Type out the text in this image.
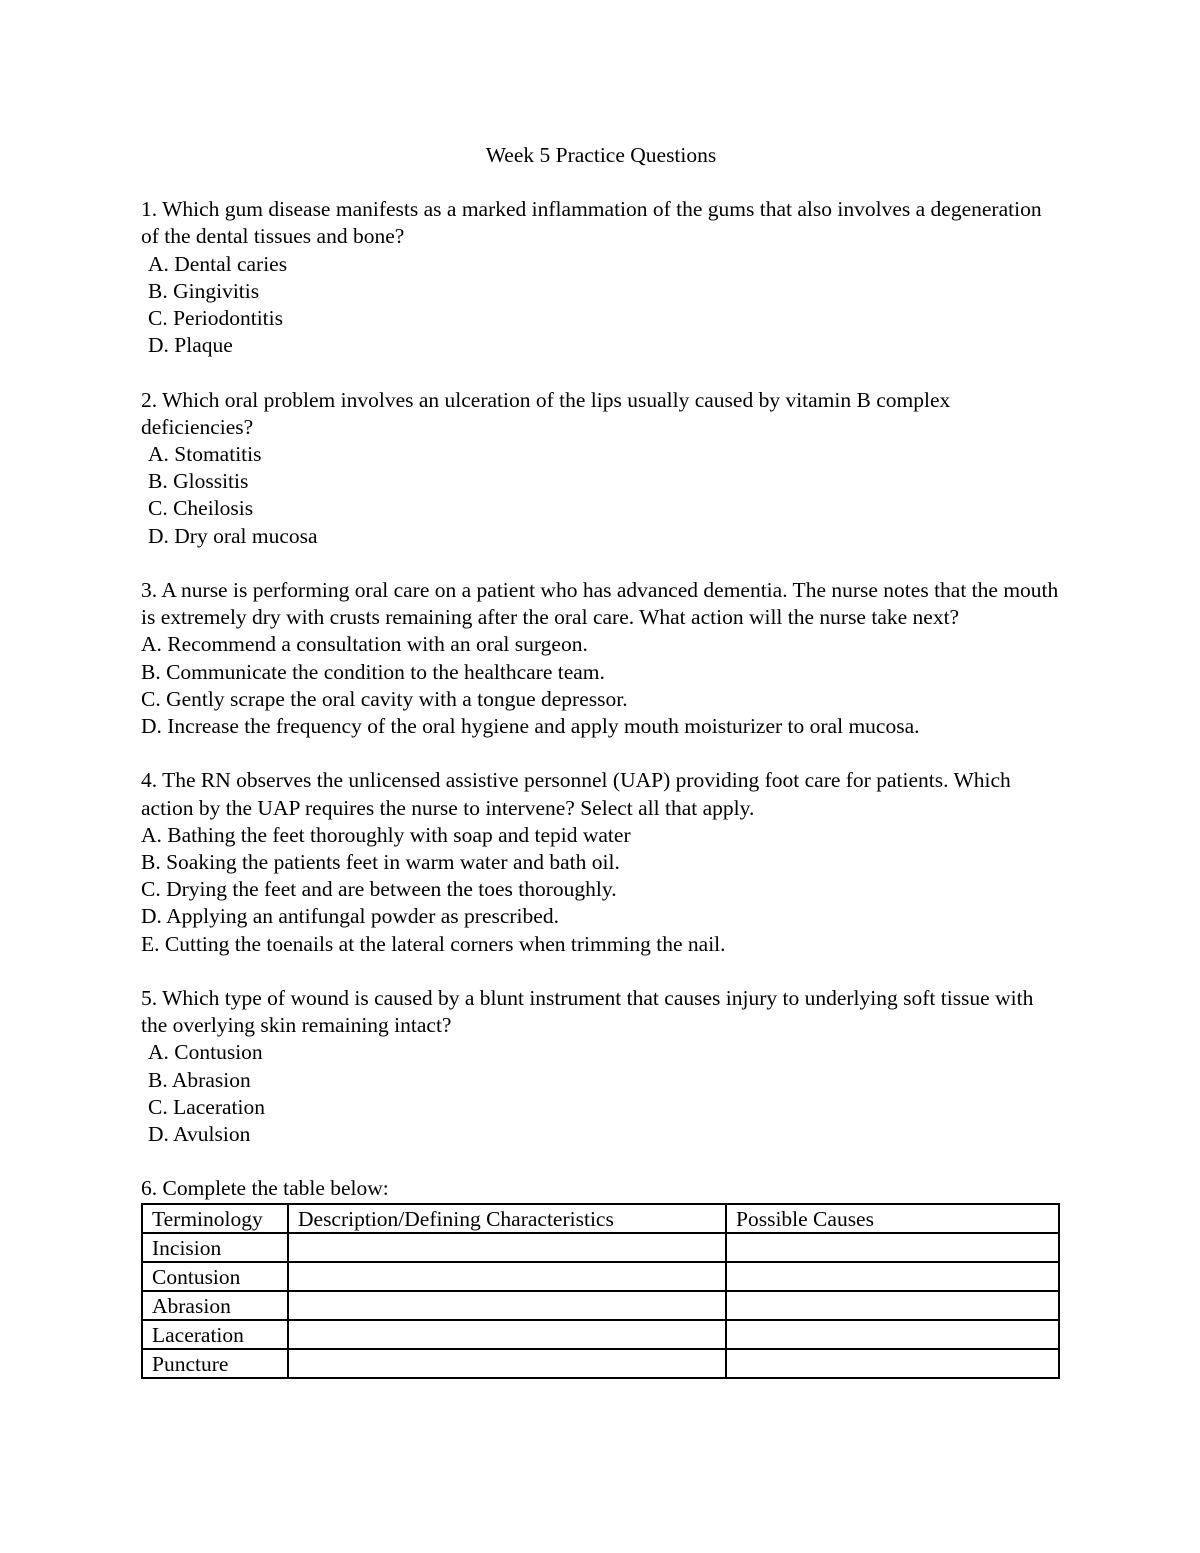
Week 5 Practice Questions

1. Which gum disease manifests as a marked inflammation of the gums that also involves a degeneration of the dental tissues and bone?

A. Dental caries
B. Gingivitis
C. Periodontitis
D. Plaque

2. Which oral problem involves an ulceration of the lips usually caused by vitamin B complex deficiencies?

A. Stomatitis
B. Glossitis
C. Cheilosis
D. Dry oral mucosa

3. A nurse is performing oral care on a patient who has advanced dementia. The nurse notes that the mouth is extremely dry with crusts remaining after the oral care. What action will the nurse take next?

A. Recommend a consultation with an oral surgeon.
B. Communicate the condition to the healthcare team.
C. Gently scrape the oral cavity with a tongue depressor.
D. Increase the frequency of the oral hygiene and apply mouth moisturizer to oral mucosa.

4. The RN observes the unlicensed assistive personnel (UAP) providing foot care for patients. Which action by the UAP requires the nurse to intervene? Select all that apply.

A. Bathing the feet thoroughly with soap and tepid water
B. Soaking the patients feet in warm water and bath oil.
C. Drying the feet and are between the toes thoroughly.
D. Applying an antifungal powder as prescribed.
E. Cutting the toenails at the lateral corners when trimming the nail.

5. Which type of wound is caused by a blunt instrument that causes injury to underlying soft tissue with the overlying skin remaining intact?

A. Contusion
B. Abrasion
C. Laceration
D. Avulsion

6. Complete the table below:

Terminology	Description/Defining Characteristics	Possible Causes
Incision		
Contusion		
Abrasion		
Laceration		
Puncture		
